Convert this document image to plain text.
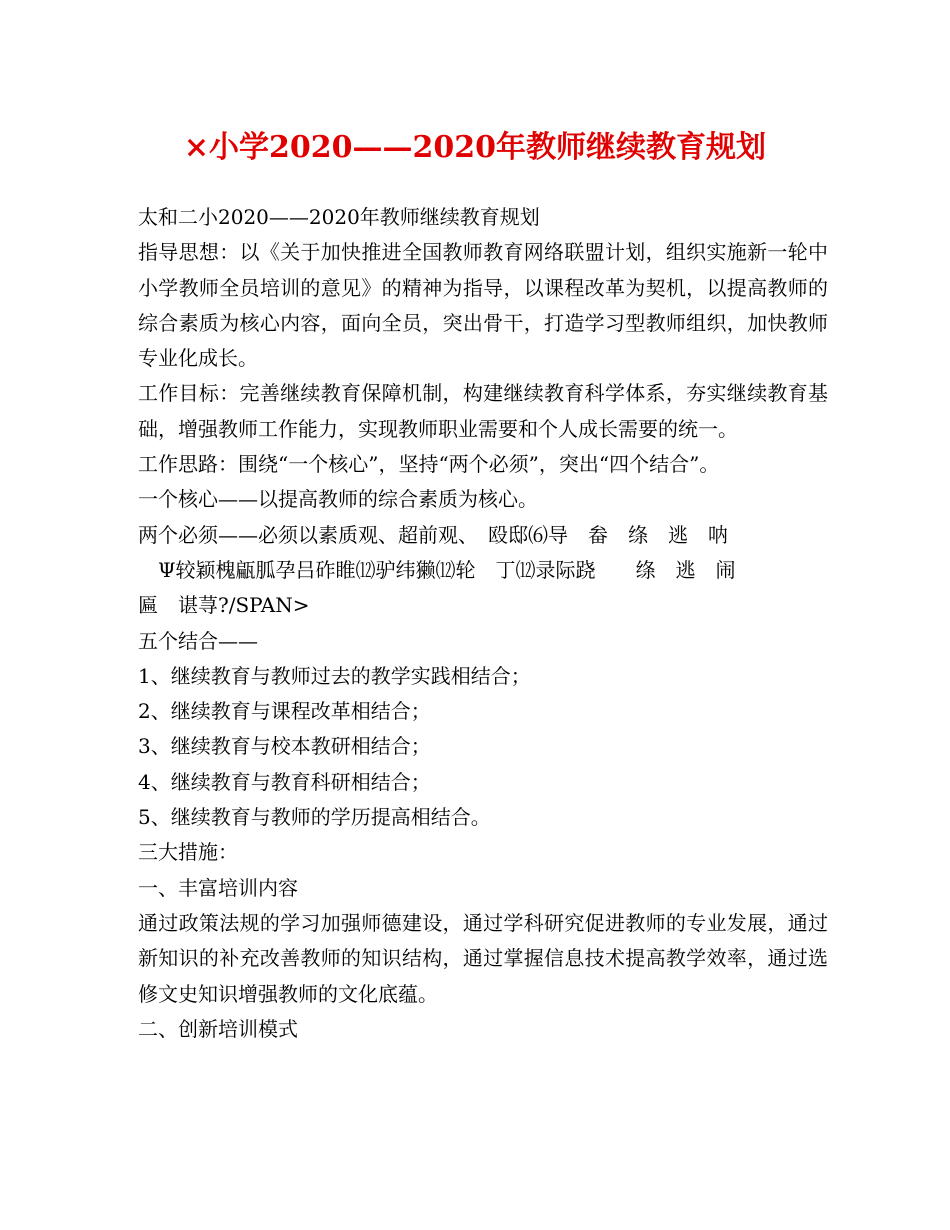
×小学2020——2020年教师继续教育规划

太和二小2020——2020年教师继续教育规划

指导思想：以《关于加快推进全国教师教育网络联盟计划，组织实施新一轮中小学教师全员培训的意见》的精神为指导，以课程改革为契机，以提高教师的综合素质为核心内容，面向全员，突出骨干，打造学习型教师组织，加快教师专业化成长。

工作目标：完善继续教育保障机制，构建继续教育科学体系，夯实继续教育基础，增强教师工作能力，实现教师职业需要和个人成长需要的统一。

工作思路：围绕“一个核心”，坚持“两个必须”，突出“四个结合”。

一个核心——以提高教师的综合素质为核心。

两个必须——必须以素质观、超前观、　殴邸⑹导　畚　绦　逃　呐

　Ψ较颖槐甂胍孕吕砟睢⑿驴纬獭⑿轮　丁⑿录际跷　　绦　逃　闹

匾　谌荨?/SPAN>

五个结合——

1、继续教育与教师过去的教学实践相结合；

2、继续教育与课程改革相结合；

3、继续教育与校本教研相结合；

4、继续教育与教育科研相结合；

5、继续教育与教师的学历提高相结合。

三大措施：

一、丰富培训内容

通过政策法规的学习加强师德建设，通过学科研究促进教师的专业发展，通过新知识的补充改善教师的知识结构，通过掌握信息技术提高教学效率，通过选修文史知识增强教师的文化底蕴。

二、创新培训模式
